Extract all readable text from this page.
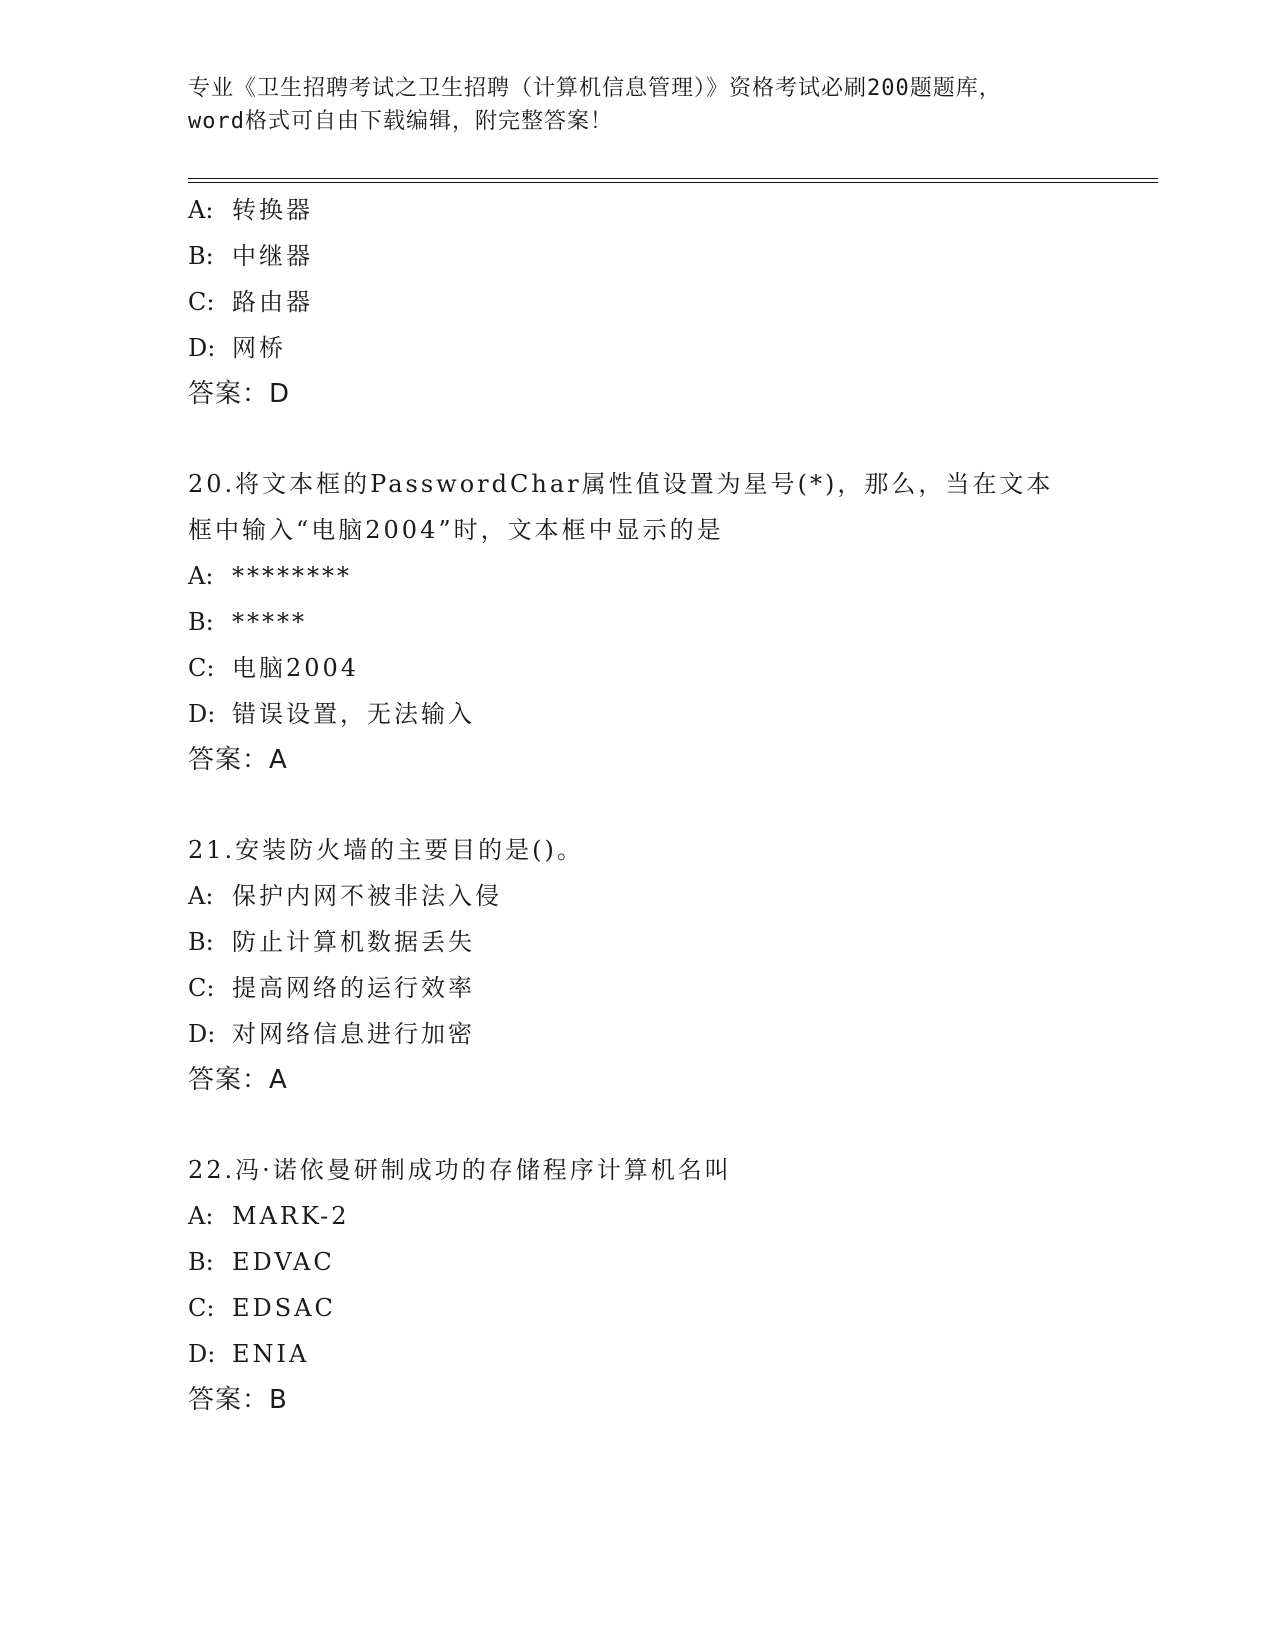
专业《卫生招聘考试之卫生招聘（计算机信息管理）》资格考试必刷200题题库，
word格式可自由下载编辑，附完整答案！
A: 转换器
B: 中继器
C: 路由器
D: 网桥
答案：D
20.将文本框的PasswordChar属性值设置为星号(*)，那么，当在文本
框中输入“电脑2004”时，文本框中显示的是
A: ********
B: *****
C: 电脑2004
D: 错误设置，无法输入
答案：A
21.安装防火墙的主要目的是()。
A: 保护内网不被非法入侵
B: 防止计算机数据丢失
C: 提高网络的运行效率
D: 对网络信息进行加密
答案：A
22.冯·诺依曼研制成功的存储程序计算机名叫
A: MARK-2
B: EDVAC
C: EDSAC
D: ENIA
答案：B
